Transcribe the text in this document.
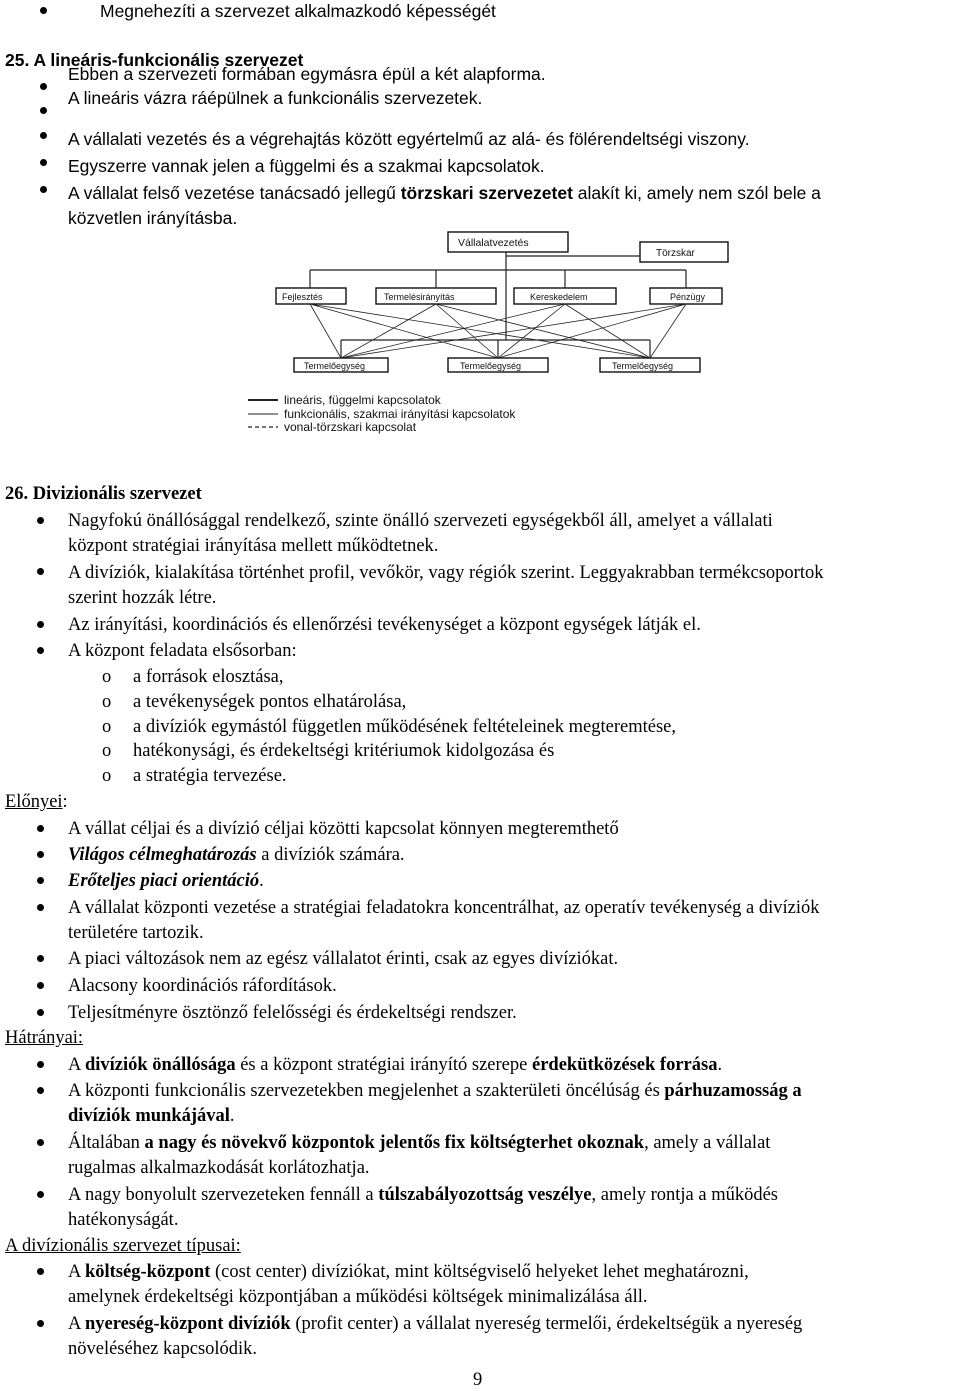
Megnehezíti a szervezet alkalmazkodó képességét
25. A lineáris-funkcionális szervezet
Ebben a szervezeti formában egymásra épül a két alapforma.
A lineáris vázra ráépülnek a funkcionális szervezetek.
A vállalati vezetés és a végrehajtás között egyértelmű az alá- és fölérendeltségi viszony.
Egyszerre vannak jelen a függelmi és a szakmai kapcsolatok.
A vállalat felső vezetése tanácsadó jellegű törzskari szervezetet alakít ki, amely nem szól bele a
közvetlen irányításba.
Vállalatvezetés
Törzskar
Fejlesztés	Termelésirányítás	Kereskedelem	Pénzügy
Termelőegység	Termelőegység	Termelőegység
lineáris, függelmi kapcsolatok
funkcionális, szakmai irányítási kapcsolatok
vonal-törzskari kapcsolat
26. Divizionális szervezet
Nagyfokú önállósággal rendelkező, szinte önálló szervezeti egységekből áll, amelyet a vállalati
központ stratégiai irányítása mellett működtetnek.
A divíziók, kialakítása történhet profil, vevőkör, vagy régiók szerint. Leggyakrabban termékcsoportok
szerint hozzák létre.
Az irányítási, koordinációs és ellenőrzési tevékenységet a központ egységek látják el.
A központ feladata elsősorban:
o a források elosztása,
o a tevékenységek pontos elhatárolása,
o a divíziók egymástól független működésének feltételeinek megteremtése,
o hatékonysági, és érdekeltségi kritériumok kidolgozása és
o a stratégia tervezése.
Előnyei:
A vállat céljai és a divízió céljai közötti kapcsolat könnyen megteremthető
Világos célmeghatározás a divíziók számára.
Erőteljes piaci orientáció.
A vállalat központi vezetése a stratégiai feladatokra koncentrálhat, az operatív tevékenység a divíziók
területére tartozik.
A piaci változások nem az egész vállalatot érinti, csak az egyes divíziókat.
Alacsony koordinációs ráfordítások.
Teljesítményre ösztönző felelősségi és érdekeltségi rendszer.
Hátrányai:
A divíziók önállósága és a központ stratégiai irányító szerepe érdekütközések forrása.
A központi funkcionális szervezetekben megjelenhet a szakterületi öncélúság és párhuzamosság a
divíziók munkájával.
Általában a nagy és növekvő központok jelentős fix költségterhet okoznak, amely a vállalat
rugalmas alkalmazkodását korlátozhatja.
A nagy bonyolult szervezeteken fennáll a túlszabályozottság veszélye, amely rontja a működés
hatékonyságát.
A divízionális szervezet típusai:
A költség-központ (cost center) divíziókat, mint költségviselő helyeket lehet meghatározni,
amelynek érdekeltségi központjában a működési költségek minimalizálása áll.
A nyereség-központ divíziók (profit center) a vállalat nyereség termelői, érdekeltségük a nyereség
növeléséhez kapcsolódik.
9
